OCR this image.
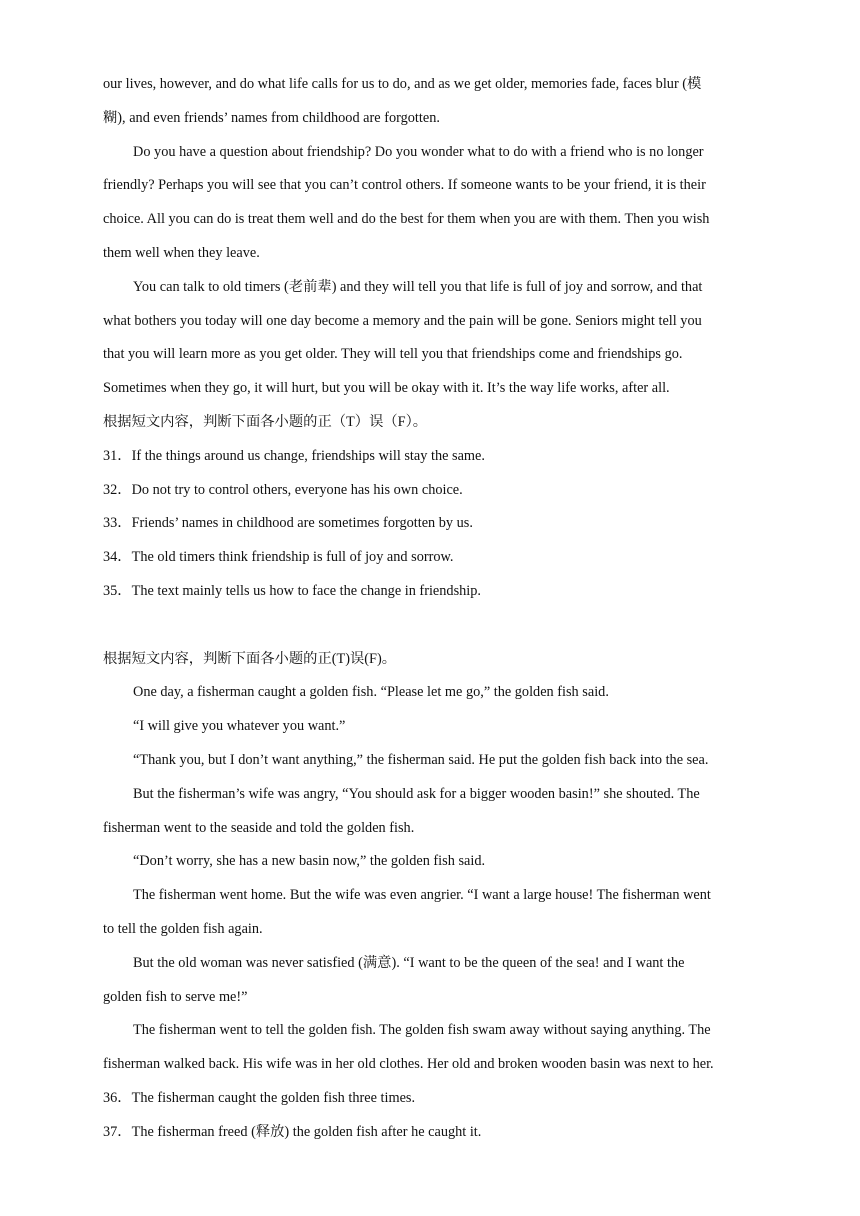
our lives, however, and do what life calls for us to do, and as we get older, memories fade, faces blur (模
糊), and even friends’ names from childhood are forgotten.
Do you have a question about friendship? Do you wonder what to do with a friend who is no longer
friendly? Perhaps you will see that you can’t control others. If someone wants to be your friend, it is their
choice. All you can do is treat them well and do the best for them when you are with them. Then you wish
them well when they leave.
You can talk to old timers (老前辈) and they will tell you that life is full of joy and sorrow, and that
what bothers you today will one day become a memory and the pain will be gone. Seniors might tell you
that you will learn more as you get older. They will tell you that friendships come and friendships go.
Sometimes when they go, it will hurt, but you will be okay with it. It’s the way life works, after all.
根据短文内容，判断下面各小题的正（T）误（F）。
31．If the things around us change, friendships will stay the same.
32．Do not try to control others, everyone has his own choice.
33．Friends’ names in childhood are sometimes forgotten by us.
34．The old timers think friendship is full of joy and sorrow.
35．The text mainly tells us how to face the change in friendship.
根据短文内容，判断下面各小题的正(T)误(F)。
One day, a fisherman caught a golden fish. “Please let me go,” the golden fish said.
“I will give you whatever you want.”
“Thank you, but I don’t want anything,” the fisherman said. He put the golden fish back into the sea.
But the fisherman’s wife was angry, “You should ask for a bigger wooden basin!” she shouted. The
fisherman went to the seaside and told the golden fish.
“Don’t worry, she has a new basin now,” the golden fish said.
The fisherman went home. But the wife was even angrier. “I want a large house! The fisherman went
to tell the golden fish again.
But the old woman was never satisfied (满意). “I want to be the queen of the sea! and I want the
golden fish to serve me!”
The fisherman went to tell the golden fish. The golden fish swam away without saying anything. The
fisherman walked back. His wife was in her old clothes. Her old and broken wooden basin was next to her.
36．The fisherman caught the golden fish three times.
37．The fisherman freed (释放) the golden fish after he caught it.
